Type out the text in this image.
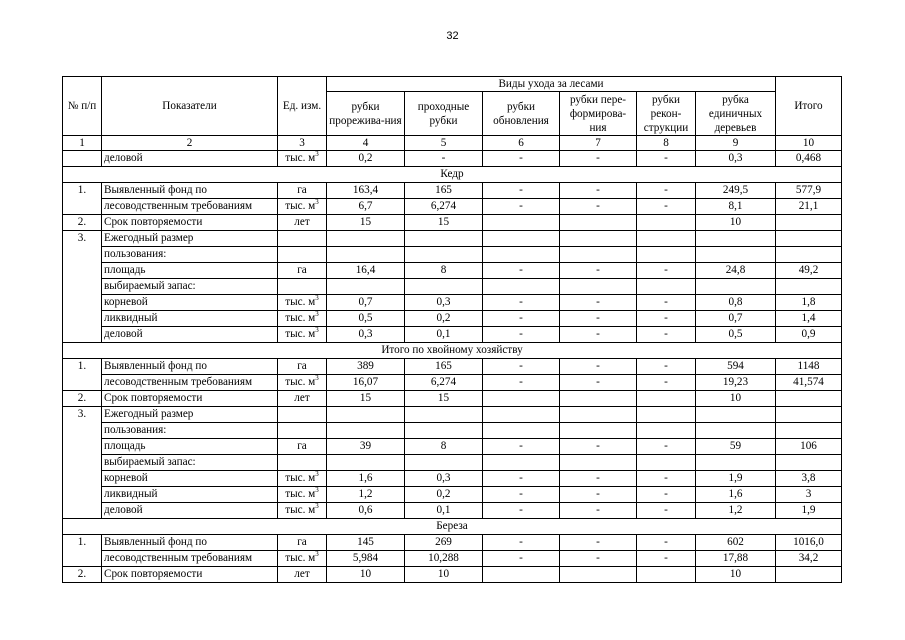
32
№ п/п	Показатели	Ед. изм.	Виды ухода за лесами						Итого
			рубки прорежива-ния	проходные рубки	рубки обновления	рубки пере-формирова-ния	рубки рекон-струкции	рубка единичных деревьев	
1	2	3	4	5	6	7	8	9	10
	деловой	тыс. $м^3$	0,2	-	-	-	-	0,3	0,468
Кедр									
1.	Выявленный фонд по	га	163,4	165	-	-	-	249,5	577,9
	лесоводственным требованиям	тыс. $м^3$	6,7	6,274	-	-	-	8,1	21,1
2.	Срок повторяемости	лет	15	15				10	
3.	Ежегодный размер								
	пользования:								
	площадь	га	16,4	8	-	-	-	24,8	49,2
	выбираемый запас:								
	корневой	тыс. $м^3$	0,7	0,3	-	-	-	0,8	1,8
	ликвидный	тыс. $м^3$	0,5	0,2	-	-	-	0,7	1,4
	деловой	тыс. $м^3$	0,3	0,1	-	-	-	0,5	0,9
Итого по хвойному хозяйству									
1.	Выявленный фонд по	га	389	165	-	-	-	594	1148
	лесоводственным требованиям	тыс. $м^3$	16,07	6,274	-	-	-	19,23	41,574
2.	Срок повторяемости	лет	15	15				10	
3.	Ежегодный размер								
	пользования:								
	площадь	га	39	8	-	-	-	59	106
	выбираемый запас:								
	корневой	тыс. $м^3$	1,6	0,3	-	-	-	1,9	3,8
	ликвидный	тыс. $м^3$	1,2	0,2	-	-	-	1,6	3
	деловой	тыс. $м^3$	0,6	0,1	-	-	-	1,2	1,9
Береза									
1.	Выявленный фонд по	га	145	269	-	-	-	602	1016,0
	лесоводственным требованиям	тыс. $м^3$	5,984	10,288	-	-	-	17,88	34,2
2.	Срок повторяемости	лет	10	10				10	
